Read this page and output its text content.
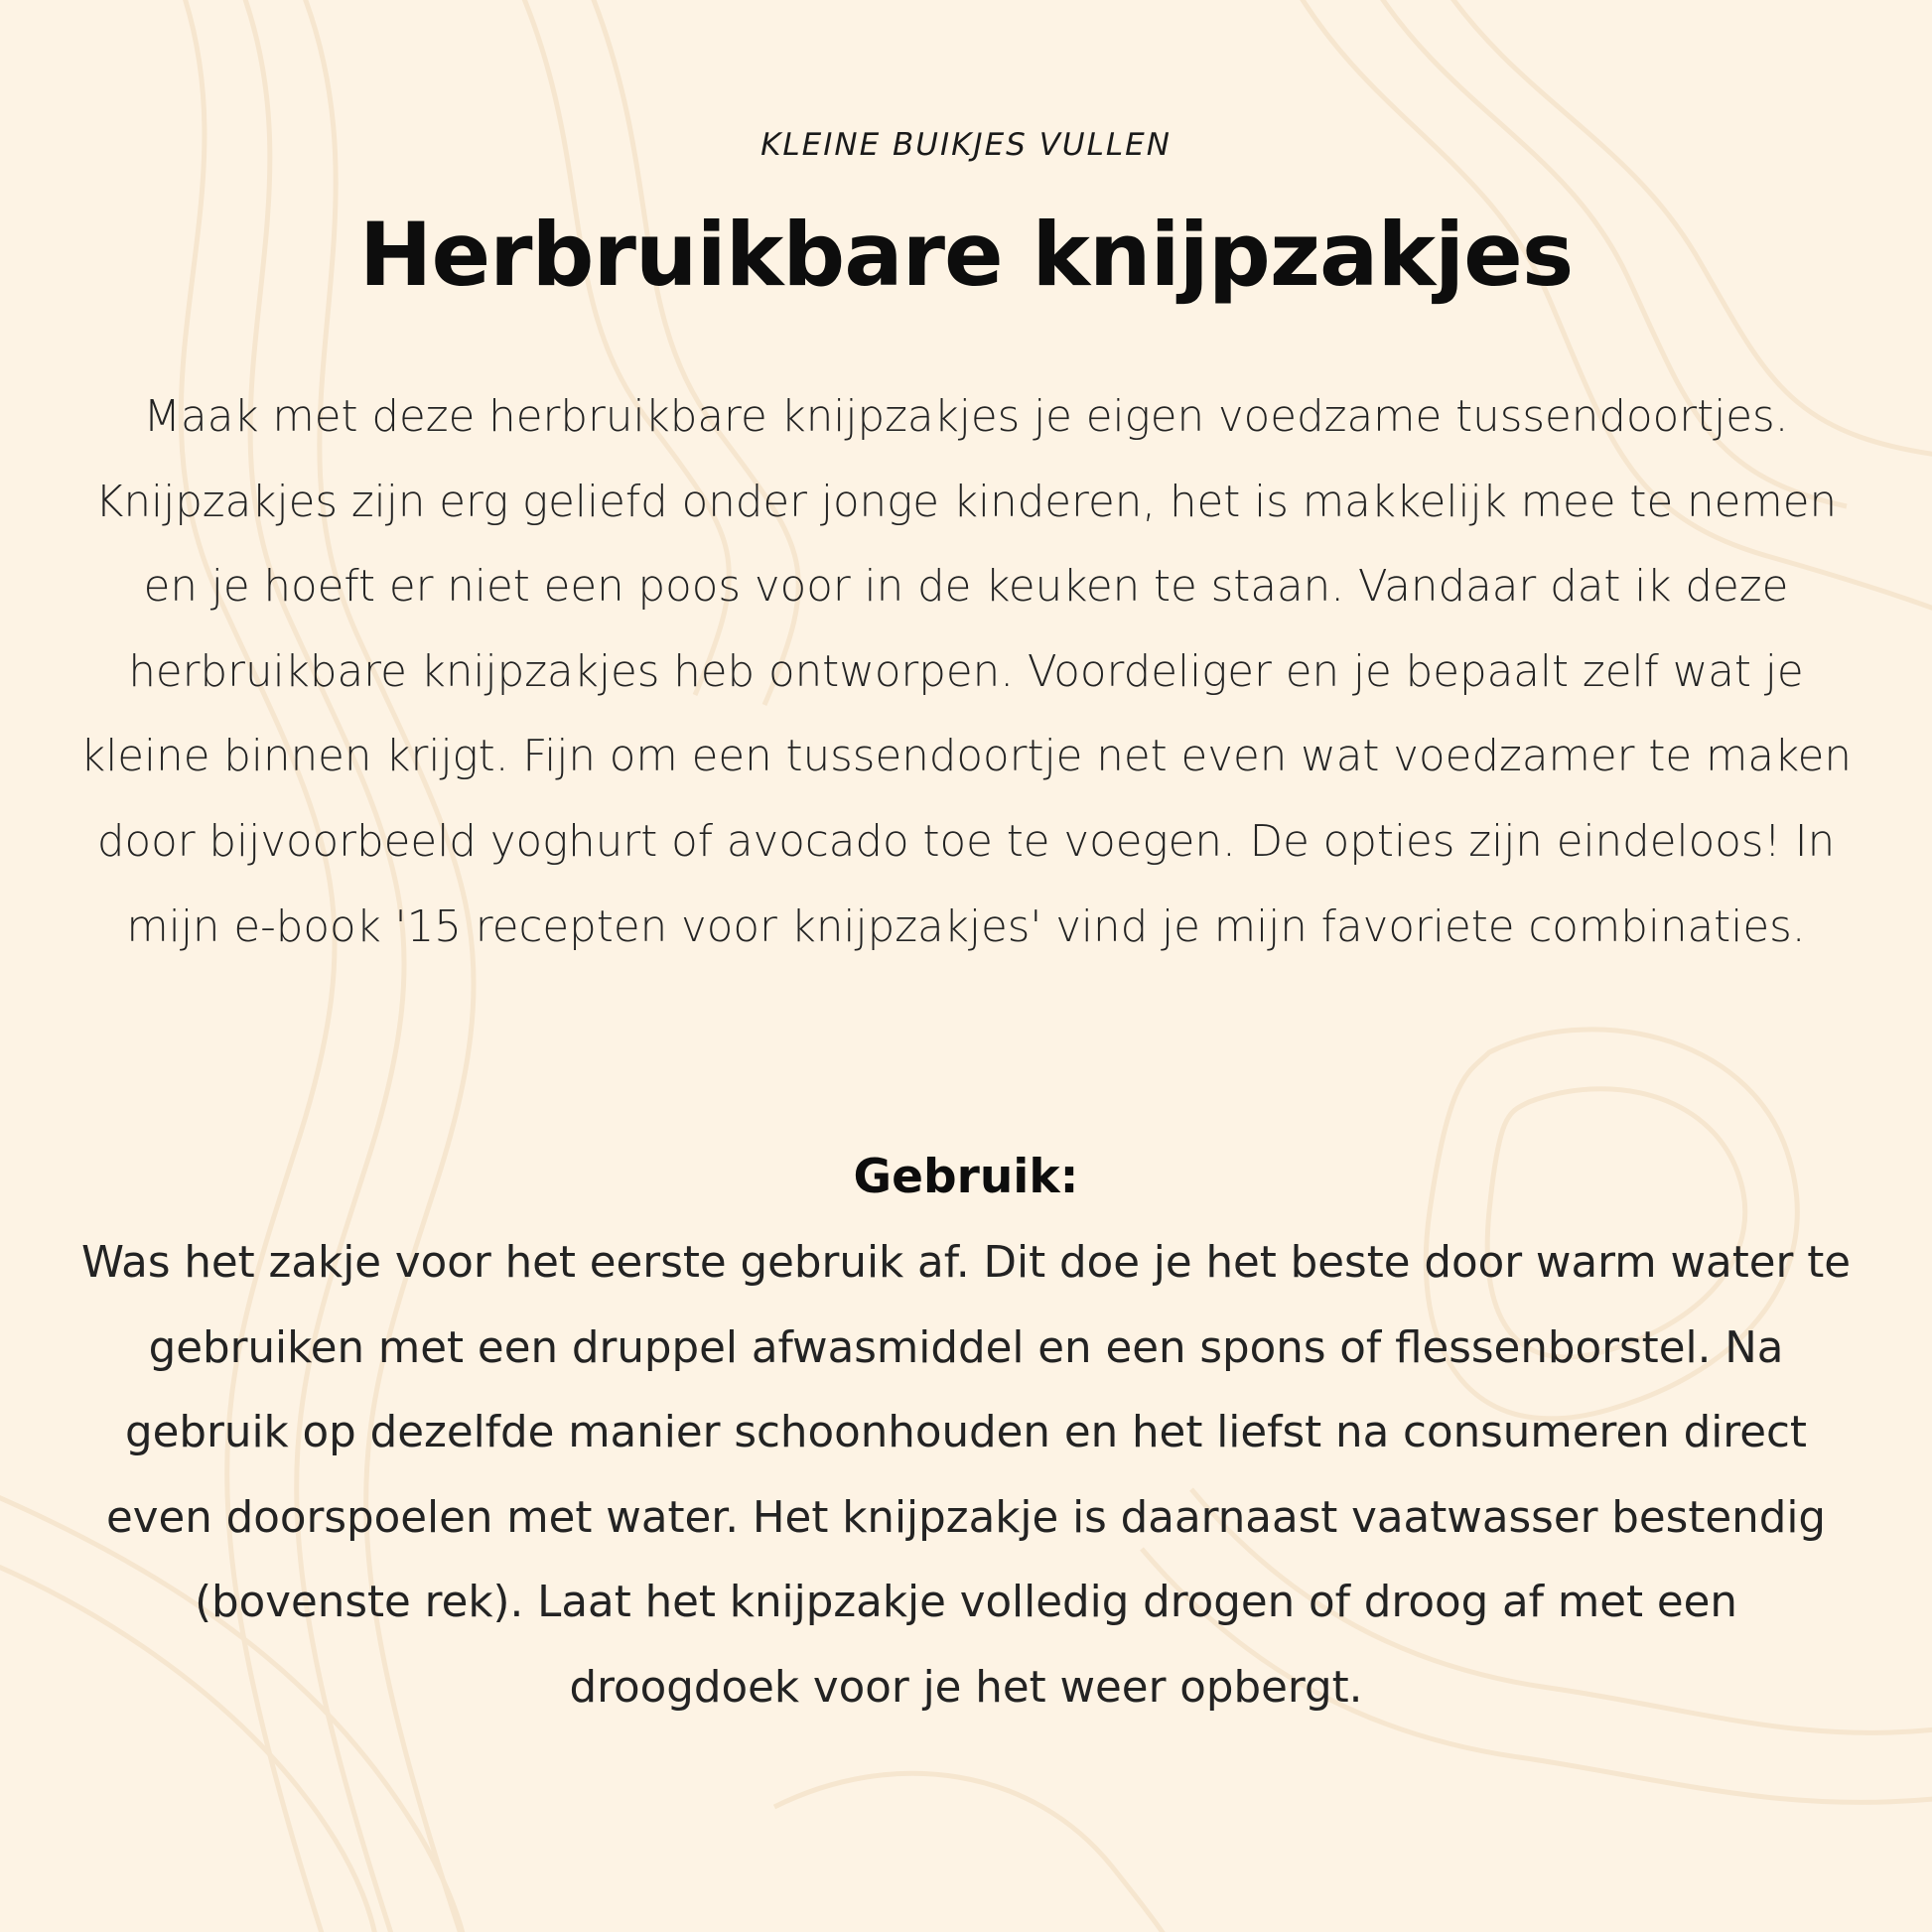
KLEINE BUIKJES VULLEN
Herbruikbare knijpzakjes

Maak met deze herbruikbare knijpzakjes je eigen voedzame tussendoortjes. Knijpzakjes zijn erg geliefd onder jonge kinderen, het is makkelijk mee te nemen en je hoeft er niet een poos voor in de keuken te staan. Vandaar dat ik deze herbruikbare knijpzakjes heb ontworpen. Voordeliger en je bepaalt zelf wat je kleine binnen krijgt. Fijn om een tussendoortje net even wat voedzamer te maken door bijvoorbeeld yoghurt of avocado toe te voegen. De opties zijn eindeloos! In mijn e-book '15 recepten voor knijpzakjes' vind je mijn favoriete combinaties.

Gebruik:

Was het zakje voor het eerste gebruik af. Dit doe je het beste door warm water te gebruiken met een druppel afwasmiddel en een spons of flessenborstel. Na gebruik op dezelfde manier schoonhouden en het liefst na consumeren direct even doorspoelen met water. Het knijpzakje is daarnaast vaatwasser bestendig (bovenste rek). Laat het knijpzakje volledig drogen of droog af met een droogdoek voor je het weer opbergt.
